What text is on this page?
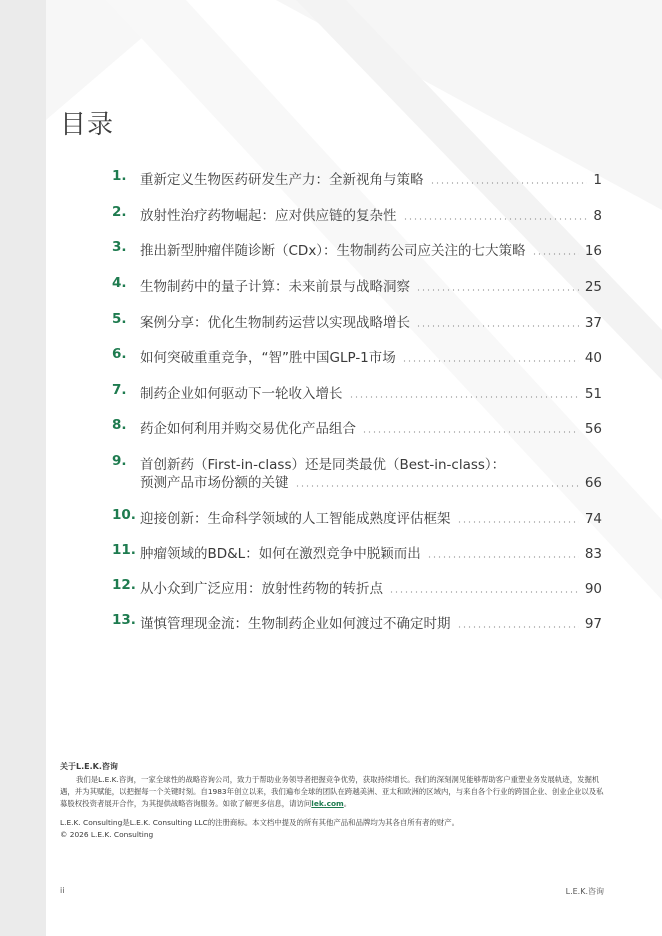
目录
1. 重新定义生物医药研发生产力：全新视角与策略	1
2. 放射性治疗药物崛起：应对供应链的复杂性	8
3. 推出新型肿瘤伴随诊断（CDx）：生物制药公司应关注的七大策略	16
4. 生物制药中的量子计算：未来前景与战略洞察	25
5. 案例分享：优化生物制药运营以实现战略增长	37
6. 如何突破重重竞争，“智”胜中国GLP-1市场	40
7. 制药企业如何驱动下一轮收入增长	51
8. 药企如何利用并购交易优化产品组合	56
9. 首创新药（First-in-class）还是同类最优（Best-in-class）：
预测产品市场份额的关键	66
10. 迎接创新：生命科学领域的人工智能成熟度评估框架	74
11. 肿瘤领域的BD&L：如何在激烈竞争中脱颖而出	83
12. 从小众到广泛应用：放射性药物的转折点	90
13. 谨慎管理现金流：生物制药企业如何渡过不确定时期	97
关于L.E.K.咨询
我们是L.E.K.咨询，一家全球性的战略咨询公司，致力于帮助业务领导者把握竞争优势，获取持续增长。我们的深刻洞见能够帮助客户重塑业务发展轨迹，发掘机遇，并为其赋能，以把握每一个关键时刻。自1983年创立以来，我们遍布全球的团队在跨越美洲、亚太和欧洲的区域内，与来自各个行业的跨国企业、创业企业以及私募股权投资者展开合作，为其提供战略咨询服务。如欲了解更多信息，请访问lek.com。
L.E.K. Consulting是L.E.K. Consulting LLC的注册商标。本文档中提及的所有其他产品和品牌均为其各自所有者的财产。
© 2026 L.E.K. Consulting
ii	L.E.K.咨询
